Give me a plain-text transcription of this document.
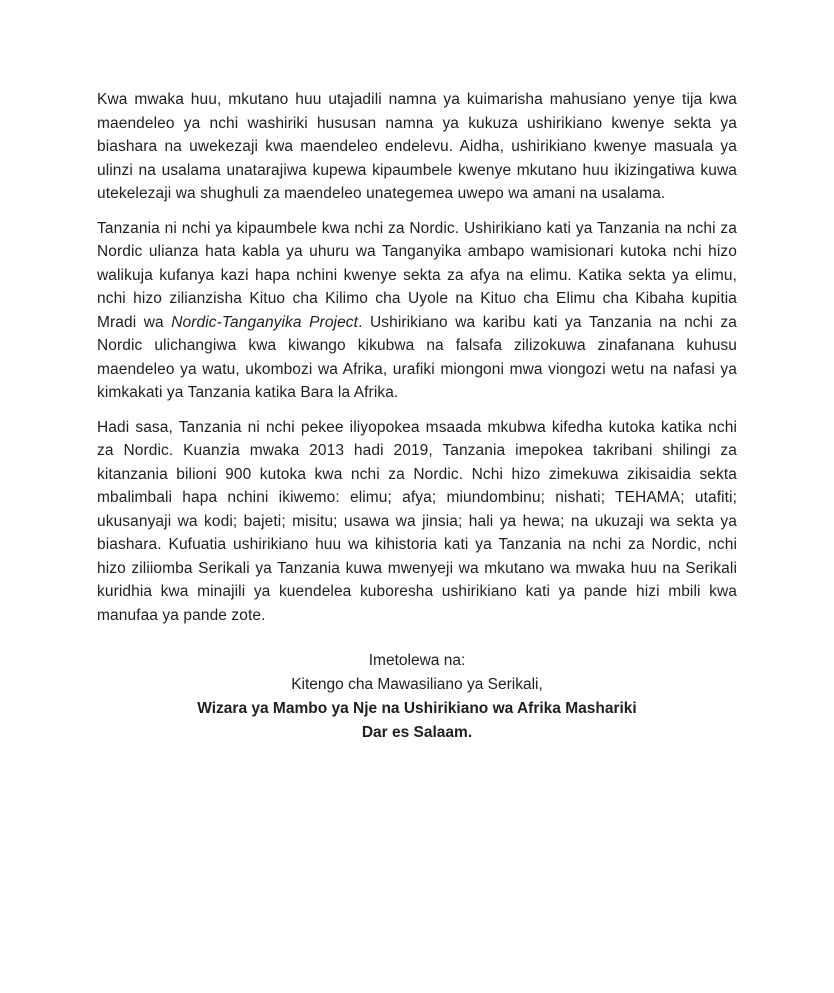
Kwa mwaka huu, mkutano huu utajadili namna ya kuimarisha mahusiano yenye tija kwa maendeleo ya nchi washiriki hususan namna ya kukuza ushirikiano kwenye sekta ya biashara na uwekezaji kwa maendeleo endelevu. Aidha, ushirikiano kwenye masuala ya ulinzi na usalama unatarajiwa kupewa kipaumbele kwenye mkutano huu ikizingatiwa kuwa utekelezaji wa shughuli za maendeleo unategemea uwepo wa amani na usalama.

Tanzania ni nchi ya kipaumbele kwa nchi za Nordic. Ushirikiano kati ya Tanzania na nchi za Nordic ulianza hata kabla ya uhuru wa Tanganyika ambapo wamisionari kutoka nchi hizo walikuja kufanya kazi hapa nchini kwenye sekta za afya na elimu. Katika sekta ya elimu, nchi hizo zilianzisha Kituo cha Kilimo cha Uyole na Kituo cha Elimu cha Kibaha kupitia Mradi wa Nordic-Tanganyika Project. Ushirikiano wa karibu kati ya Tanzania na nchi za Nordic ulichangiwa kwa kiwango kikubwa na falsafa zilizokuwa zinafanana kuhusu maendeleo ya watu, ukombozi wa Afrika, urafiki miongoni mwa viongozi wetu na nafasi ya kimkakati ya Tanzania katika Bara la Afrika.

Hadi sasa, Tanzania ni nchi pekee iliyopokea msaada mkubwa kifedha kutoka katika nchi za Nordic. Kuanzia mwaka 2013 hadi 2019, Tanzania imepokea takribani shilingi za kitanzania bilioni 900 kutoka kwa nchi za Nordic. Nchi hizo zimekuwa zikisaidia sekta mbalimbali hapa nchini ikiwemo: elimu; afya; miundombinu; nishati; TEHAMA; utafiti; ukusanyaji wa kodi; bajeti; misitu; usawa wa jinsia; hali ya hewa; na ukuzaji wa sekta ya biashara. Kufuatia ushirikiano huu wa kihistoria kati ya Tanzania na nchi za Nordic, nchi hizo ziliiomba Serikali ya Tanzania kuwa mwenyeji wa mkutano wa mwaka huu na Serikali kuridhia kwa minajili ya kuendelea kuboresha ushirikiano kati ya pande hizi mbili kwa manufaa ya pande zote.

Imetolewa na:
Kitengo cha Mawasiliano ya Serikali,
Wizara ya Mambo ya Nje na Ushirikiano wa Afrika Mashariki
Dar es Salaam.
